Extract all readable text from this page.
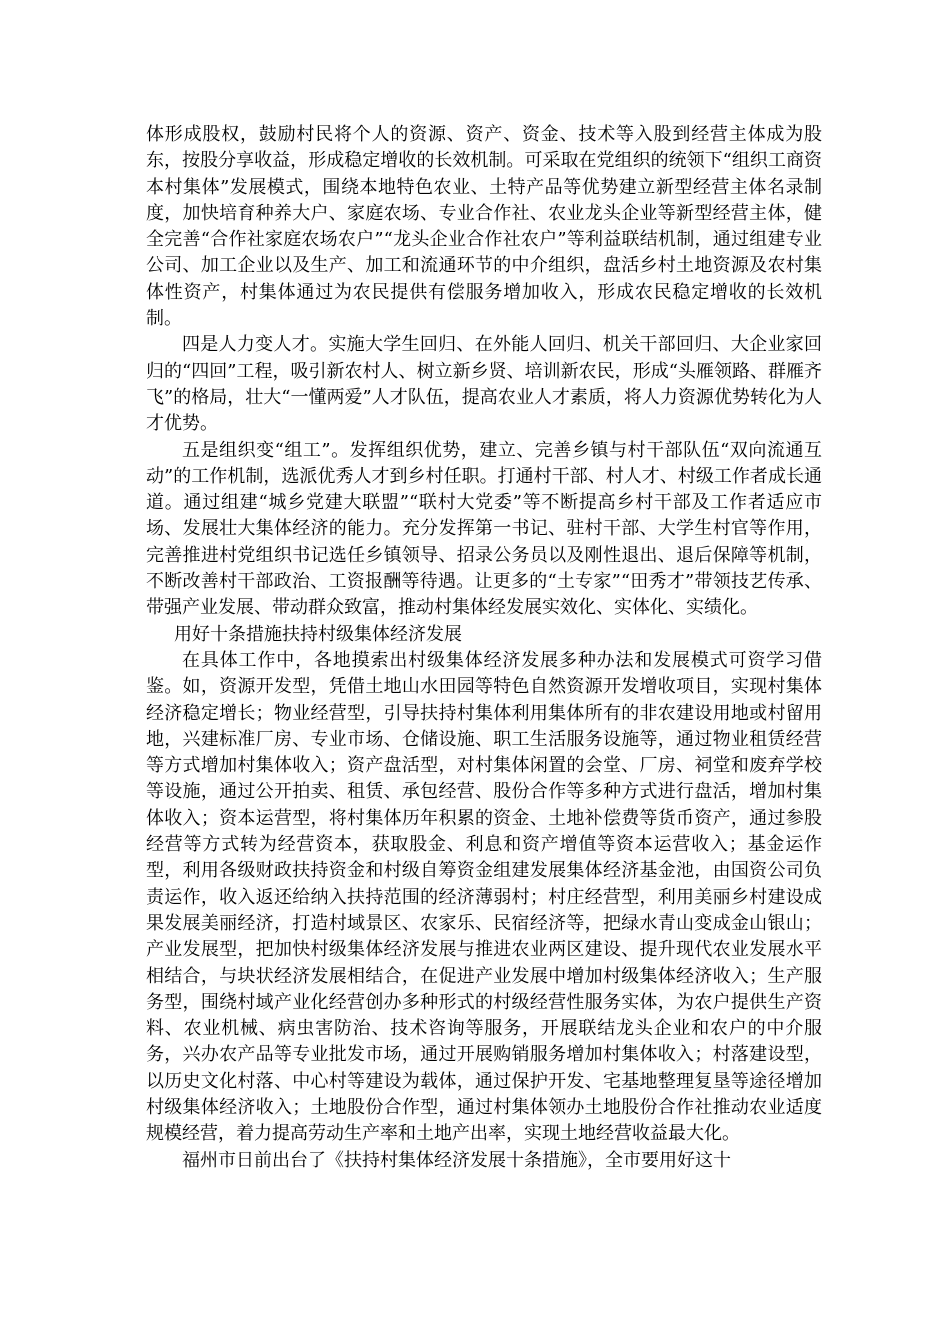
体形成股权，鼓励村民将个人的资源、资产、资金、技术等入股到经营主体成为股东，按股分享收益，形成稳定增收的长效机制。可采取在党组织的统领下“组织工商资本村集体”发展模式，围绕本地特色农业、土特产品等优势建立新型经营主体名录制度，加快培育种养大户、家庭农场、专业合作社、农业龙头企业等新型经营主体，健全完善“合作社家庭农场农户”“龙头企业合作社农户”等利益联结机制，通过组建专业公司、加工企业以及生产、加工和流通环节的中介组织，盘活乡村土地资源及农村集体性资产，村集体通过为农民提供有偿服务增加收入，形成农民稳定增收的长效机制。

四是人力变人才。实施大学生回归、在外能人回归、机关干部回归、大企业家回归的“四回”工程，吸引新农村人、树立新乡贤、培训新农民，形成“头雁领路、群雁齐飞”的格局，壮大“一懂两爱”人才队伍，提高农业人才素质，将人力资源优势转化为人才优势。

五是组织变“组工”。发挥组织优势，建立、完善乡镇与村干部队伍“双向流通互动”的工作机制，选派优秀人才到乡村任职。打通村干部、村人才、村级工作者成长通道。通过组建“城乡党建大联盟”“联村大党委”等不断提高乡村干部及工作者适应市场、发展壮大集体经济的能力。充分发挥第一书记、驻村干部、大学生村官等作用，完善推进村党组织书记选任乡镇领导、招录公务员以及刚性退出、退后保障等机制，不断改善村干部政治、工资报酬等待遇。让更多的“土专家”“田秀才”带领技艺传承、带强产业发展、带动群众致富，推动村集体经发展实效化、实体化、实绩化。

用好十条措施扶持村级集体经济发展

在具体工作中，各地摸索出村级集体经济发展多种办法和发展模式可资学习借鉴。如，资源开发型，凭借土地山水田园等特色自然资源开发增收项目，实现村集体经济稳定增长；物业经营型，引导扶持村集体利用集体所有的非农建设用地或村留用地，兴建标准厂房、专业市场、仓储设施、职工生活服务设施等，通过物业租赁经营等方式增加村集体收入；资产盘活型，对村集体闲置的会堂、厂房、祠堂和废弃学校等设施，通过公开拍卖、租赁、承包经营、股份合作等多种方式进行盘活，增加村集体收入；资本运营型，将村集体历年积累的资金、土地补偿费等货币资产，通过参股经营等方式转为经营资本，获取股金、利息和资产增值等资本运营收入；基金运作型，利用各级财政扶持资金和村级自筹资金组建发展集体经济基金池，由国资公司负责运作，收入返还给纳入扶持范围的经济薄弱村；村庄经营型，利用美丽乡村建设成果发展美丽经济，打造村域景区、农家乐、民宿经济等，把绿水青山变成金山银山；产业发展型，把加快村级集体经济发展与推进农业两区建设、提升现代农业发展水平相结合，与块状经济发展相结合，在促进产业发展中增加村级集体经济收入；生产服务型，围绕村域产业化经营创办多种形式的村级经营性服务实体，为农户提供生产资料、农业机械、病虫害防治、技术咨询等服务，开展联结龙头企业和农户的中介服务，兴办农产品等专业批发市场，通过开展购销服务增加村集体收入；村落建设型，以历史文化村落、中心村等建设为载体，通过保护开发、宅基地整理复垦等途径增加村级集体经济收入；土地股份合作型，通过村集体领办土地股份合作社推动农业适度规模经营，着力提高劳动生产率和土地产出率，实现土地经营收益最大化。

福州市日前出台了《扶持村集体经济发展十条措施》，全市要用好这十
